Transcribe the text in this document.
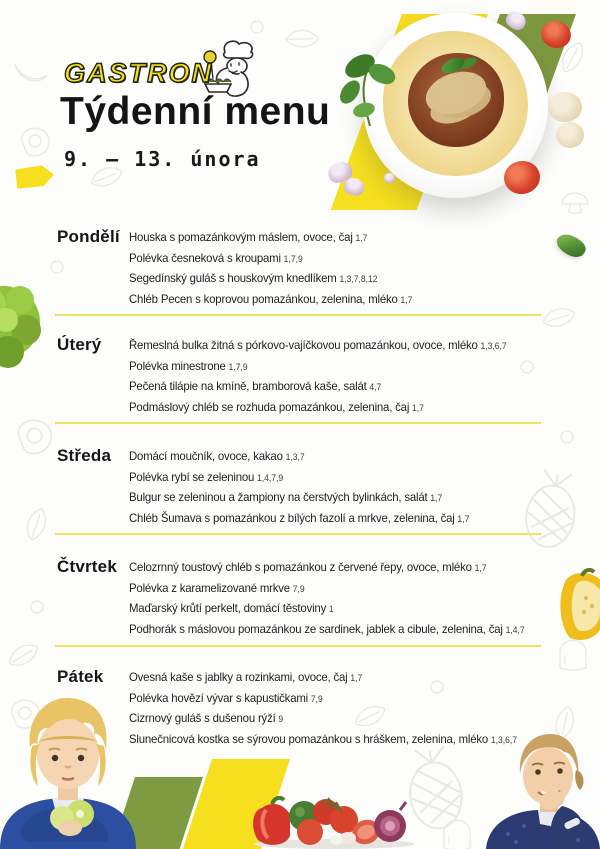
GASTRON
Týdenní menu
9. – 13. února
Pondělí Houska s pomazánkovým máslem, ovoce, čaj 1,7
Polévka česneková s kroupami 1,7,9
Segedínský guláš s houskovým knedlíkem 1,3,7,8,12
Chléb Pecen s koprovou pomazánkou, zelenina, mléko 1,7
Úterý	Řemeslná bulka žitná s pórkovo-vajíčkovou pomazánkou, ovoce, mléko 1,3,6,7
Polévka minestrone 1,7,9
Pečená tilápie na kmíně, bramborová kaše, salát 4,7
Podmáslový chléb se rozhuda pomazánkou, zelenina, čaj 1,7
Středa	Domácí moučník, ovoce, kakao 1,3,7
Polévka rybí se zeleninou 1,4,7,9
Bulgur se zeleninou a žampiony na čerstvých bylinkách, salát 1,7
Chléb Šumava s pomazánkou z bílých fazolí a mrkve, zelenina, čaj 1,7
Čtvrtek	Celozrnný toustový chléb s pomazánkou z červené řepy, ovoce, mléko 1,7
Polévka z karamelizované mrkve 7,9
Maďarský krůtí perkelt, domácí těstoviny 1
Podhorák s máslovou pomazánkou ze sardinek, jablek a cibule, zelenina, čaj 1,4,7
Pátek	Ovesná kaše s jablky a rozinkami, ovoce, čaj 1,7
Polévka hovězí vývar s kapustičkami 7,9
Cizrnový guláš s dušenou rýží 9
Slunečnicová kostka se sýrovou pomazánkou s hráškem, zelenina, mléko 1,3,6,7
